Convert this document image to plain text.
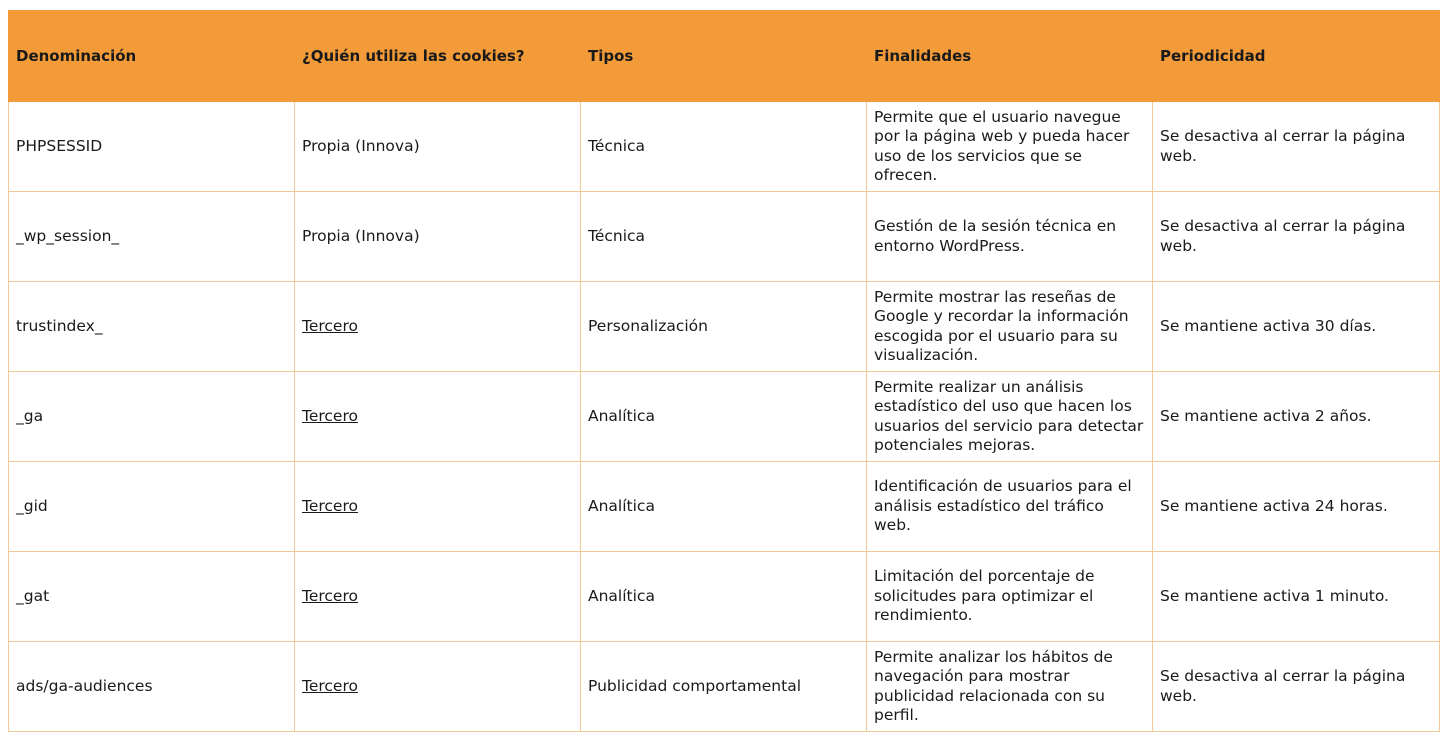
Denominación	¿Quién utiliza las cookies?	Tipos	Finalidades	Periodicidad
PHPSESSID	Propia (Innova)	Técnica	Permite que el usuario navegue por la página web y pueda hacer uso de los servicios que se ofrecen.	Se desactiva al cerrar la página web.
_wp_session_	Propia (Innova)	Técnica	Gestión de la sesión técnica en entorno WordPress.	Se desactiva al cerrar la página web.
trustindex_	Tercero	Personalización	Permite mostrar las reseñas de Google y recordar la información escogida por el usuario para su visualización.	Se mantiene activa 30 días.
_ga	Tercero	Analítica	Permite realizar un análisis estadístico del uso que hacen los usuarios del servicio para detectar potenciales mejoras.	Se mantiene activa 2 años.
_gid	Tercero	Analítica	Identificación de usuarios para el análisis estadístico del tráfico web.	Se mantiene activa 24 horas.
_gat	Tercero	Analítica	Limitación del porcentaje de solicitudes para optimizar el rendimiento.	Se mantiene activa 1 minuto.
ads/ga-audiences	Tercero	Publicidad comportamental	Permite analizar los hábitos de navegación para mostrar publicidad relacionada con su perfil.	Se desactiva al cerrar la página web.
